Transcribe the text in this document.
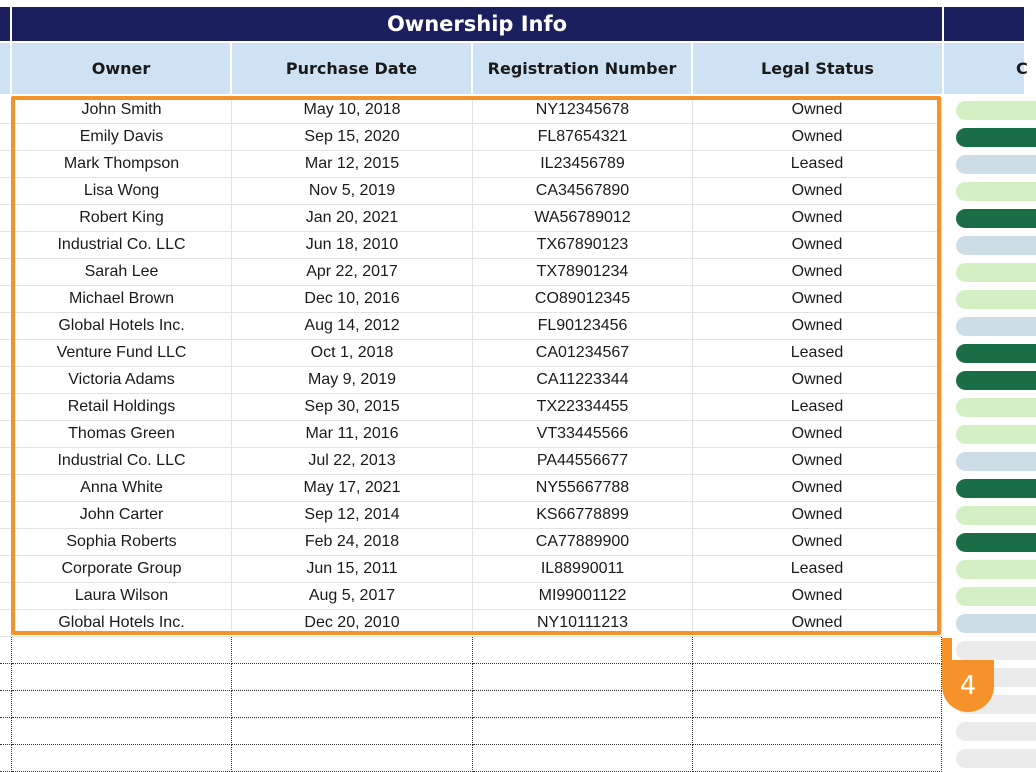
Ownership Info
Owner	Purchase Date	Registration Number	Legal Status	C
John Smith	May 10, 2018	NY12345678	Owned
Emily Davis	Sep 15, 2020	FL87654321	Owned
Mark Thompson	Mar 12, 2015	IL23456789	Leased
Lisa Wong	Nov 5, 2019	CA34567890	Owned
Robert King	Jan 20, 2021	WA56789012	Owned
Industrial Co. LLC	Jun 18, 2010	TX67890123	Owned
Sarah Lee	Apr 22, 2017	TX78901234	Owned
Michael Brown	Dec 10, 2016	CO89012345	Owned
Global Hotels Inc.	Aug 14, 2012	FL90123456	Owned
Venture Fund LLC	Oct 1, 2018	CA01234567	Leased
Victoria Adams	May 9, 2019	CA11223344	Owned
Retail Holdings	Sep 30, 2015	TX22334455	Leased
Thomas Green	Mar 11, 2016	VT33445566	Owned
Industrial Co. LLC	Jul 22, 2013	PA44556677	Owned
Anna White	May 17, 2021	NY55667788	Owned
John Carter	Sep 12, 2014	KS66778899	Owned
Sophia Roberts	Feb 24, 2018	CA77889900	Owned
Corporate Group	Jun 15, 2011	IL88990011	Leased
Laura Wilson	Aug 5, 2017	MI99001122	Owned
Global Hotels Inc.	Dec 20, 2010	NY10111213	Owned
4
